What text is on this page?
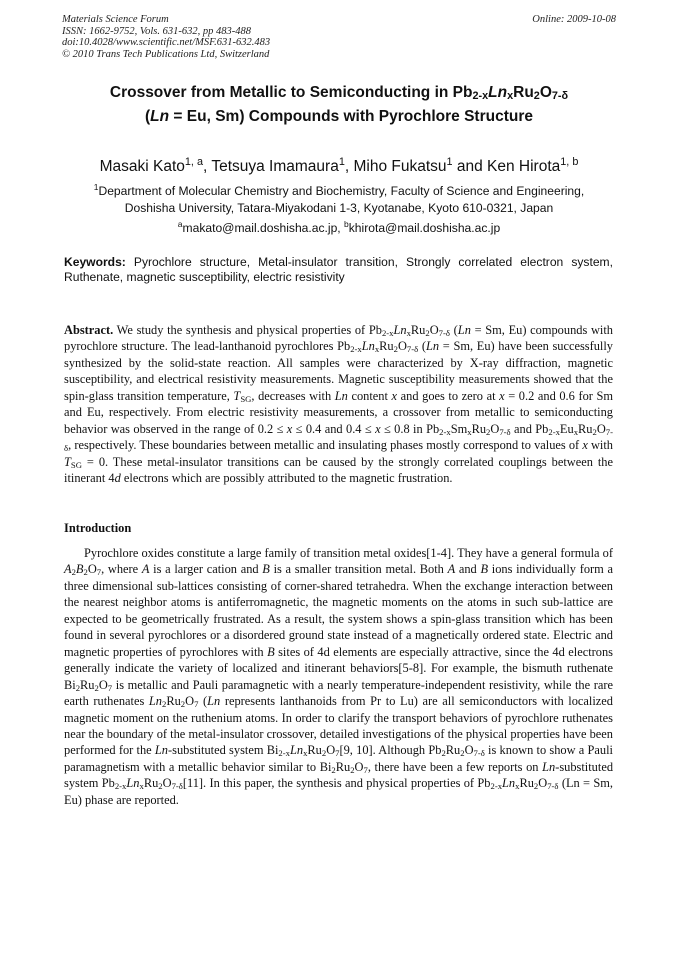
Materials Science Forum
ISSN: 1662-9752, Vols. 631-632, pp 483-488
doi:10.4028/www.scientific.net/MSF.631-632.483
© 2010 Trans Tech Publications Ltd, Switzerland
Online: 2009-10-08
Crossover from Metallic to Semiconducting in $Pb_{2-x}Ln_xRu_2O_{7-\delta}$
(Ln = Eu, Sm) Compounds with Pyrochlore Structure
Masaki Kato$^{1, a}$, Tetsuya Imamaura$^1$, Miho Fukatsu$^1$ and Ken Hirota$^{1, b}$
$^1$Department of Molecular Chemistry and Biochemistry, Faculty of Science and Engineering,
Doshisha University, Tatara-Miyakodani 1-3, Kyotanabe, Kyoto 610-0321, Japan
$^a$makato@mail.doshisha.ac.jp, $^b$khirota@mail.doshisha.ac.jp
Keywords: Pyrochlore structure, Metal-insulator transition, Strongly correlated electron system, Ruthenate, magnetic susceptibility, electric resistivity
Abstract. We study the synthesis and physical properties of $Pb_{2-x}Ln_xRu_2O_{7-\delta}$ (Ln = Sm, Eu) compounds with pyrochlore structure. The lead-lanthanoid pyrochlores $Pb_{2-x}Ln_xRu_2O_{7-\delta}$ (Ln = Sm, Eu) have been successfully synthesized by the solid-state reaction. All samples were characterized by X-ray diffraction, magnetic susceptibility, and electrical resistivity measurements. Magnetic susceptibility measurements showed that the spin-glass transition temperature, $T_{SG}$, decreases with Ln content x and goes to zero at x = 0.2 and 0.6 for Sm and Eu, respectively. From electric resistivity measurements, a crossover from metallic to semiconducting behavior was observed in the range of 0.2 ≤ x ≤ 0.4 and 0.4 ≤ x ≤ 0.8 in $Pb_{2-x}Sm_xRu_2O_{7-\delta}$ and $Pb_{2-x}Eu_xRu_2O_{7-\delta}$, respectively. These boundaries between metallic and insulating phases mostly correspond to values of x with $T_{SG} = 0$. These metal-insulator transitions can be caused by the strongly correlated couplings between the itinerant 4d electrons which are possibly attributed to the magnetic frustration.
Introduction
Pyrochlore oxides constitute a large family of transition metal oxides[1-4]. They have a general formula of $A_2B_2O_7$, where A is a larger cation and B is a smaller transition metal. Both A and B ions individually form a three dimensional sub-lattices consisting of corner-shared tetrahedra. When the exchange interaction between the nearest neighbor atoms is antiferromagnetic, the magnetic moments on the atoms in such sub-lattice are expected to be geometrically frustrated. As a result, the system shows a spin-glass transition which has been found in several pyrochlores or a disordered ground state instead of a magnetically ordered state. Electric and magnetic properties of pyrochlores with B sites of 4d elements are especially attractive, since the 4d electrons generally indicate the variety of localized and itinerant behaviors[5-8]. For example, the bismuth ruthenate $Bi_2Ru_2O_7$ is metallic and Pauli paramagnetic with a nearly temperature-independent resistivity, while the rare earth ruthenates $Ln_2Ru_2O_7$ (Ln represents lanthanoids from Pr to Lu) are all semiconductors with localized magnetic moment on the ruthenium atoms. In order to clarify the transport behaviors of pyrochlore ruthenates near the boundary of the metal-insulator crossover, detailed investigations of the physical properties have been performed for the Ln-substituted system $Bi_{2-x}Ln_xRu_2O_7[9$, 10]. Although $Pb_2Ru_2O_{7-\delta}$ is known to show a Pauli paramagnetism with a metallic behavior similar to $Bi_2Ru_2O_7$, there have been a few reports on Ln-substituted system $Pb_{2-x}Ln_xRu_2O_{7-\delta}[11]$. In this paper, the synthesis and physical properties of $Pb_{2-x}Ln_xRu_2O_{7-\delta}$ (Ln = Sm, Eu) phase are reported.
